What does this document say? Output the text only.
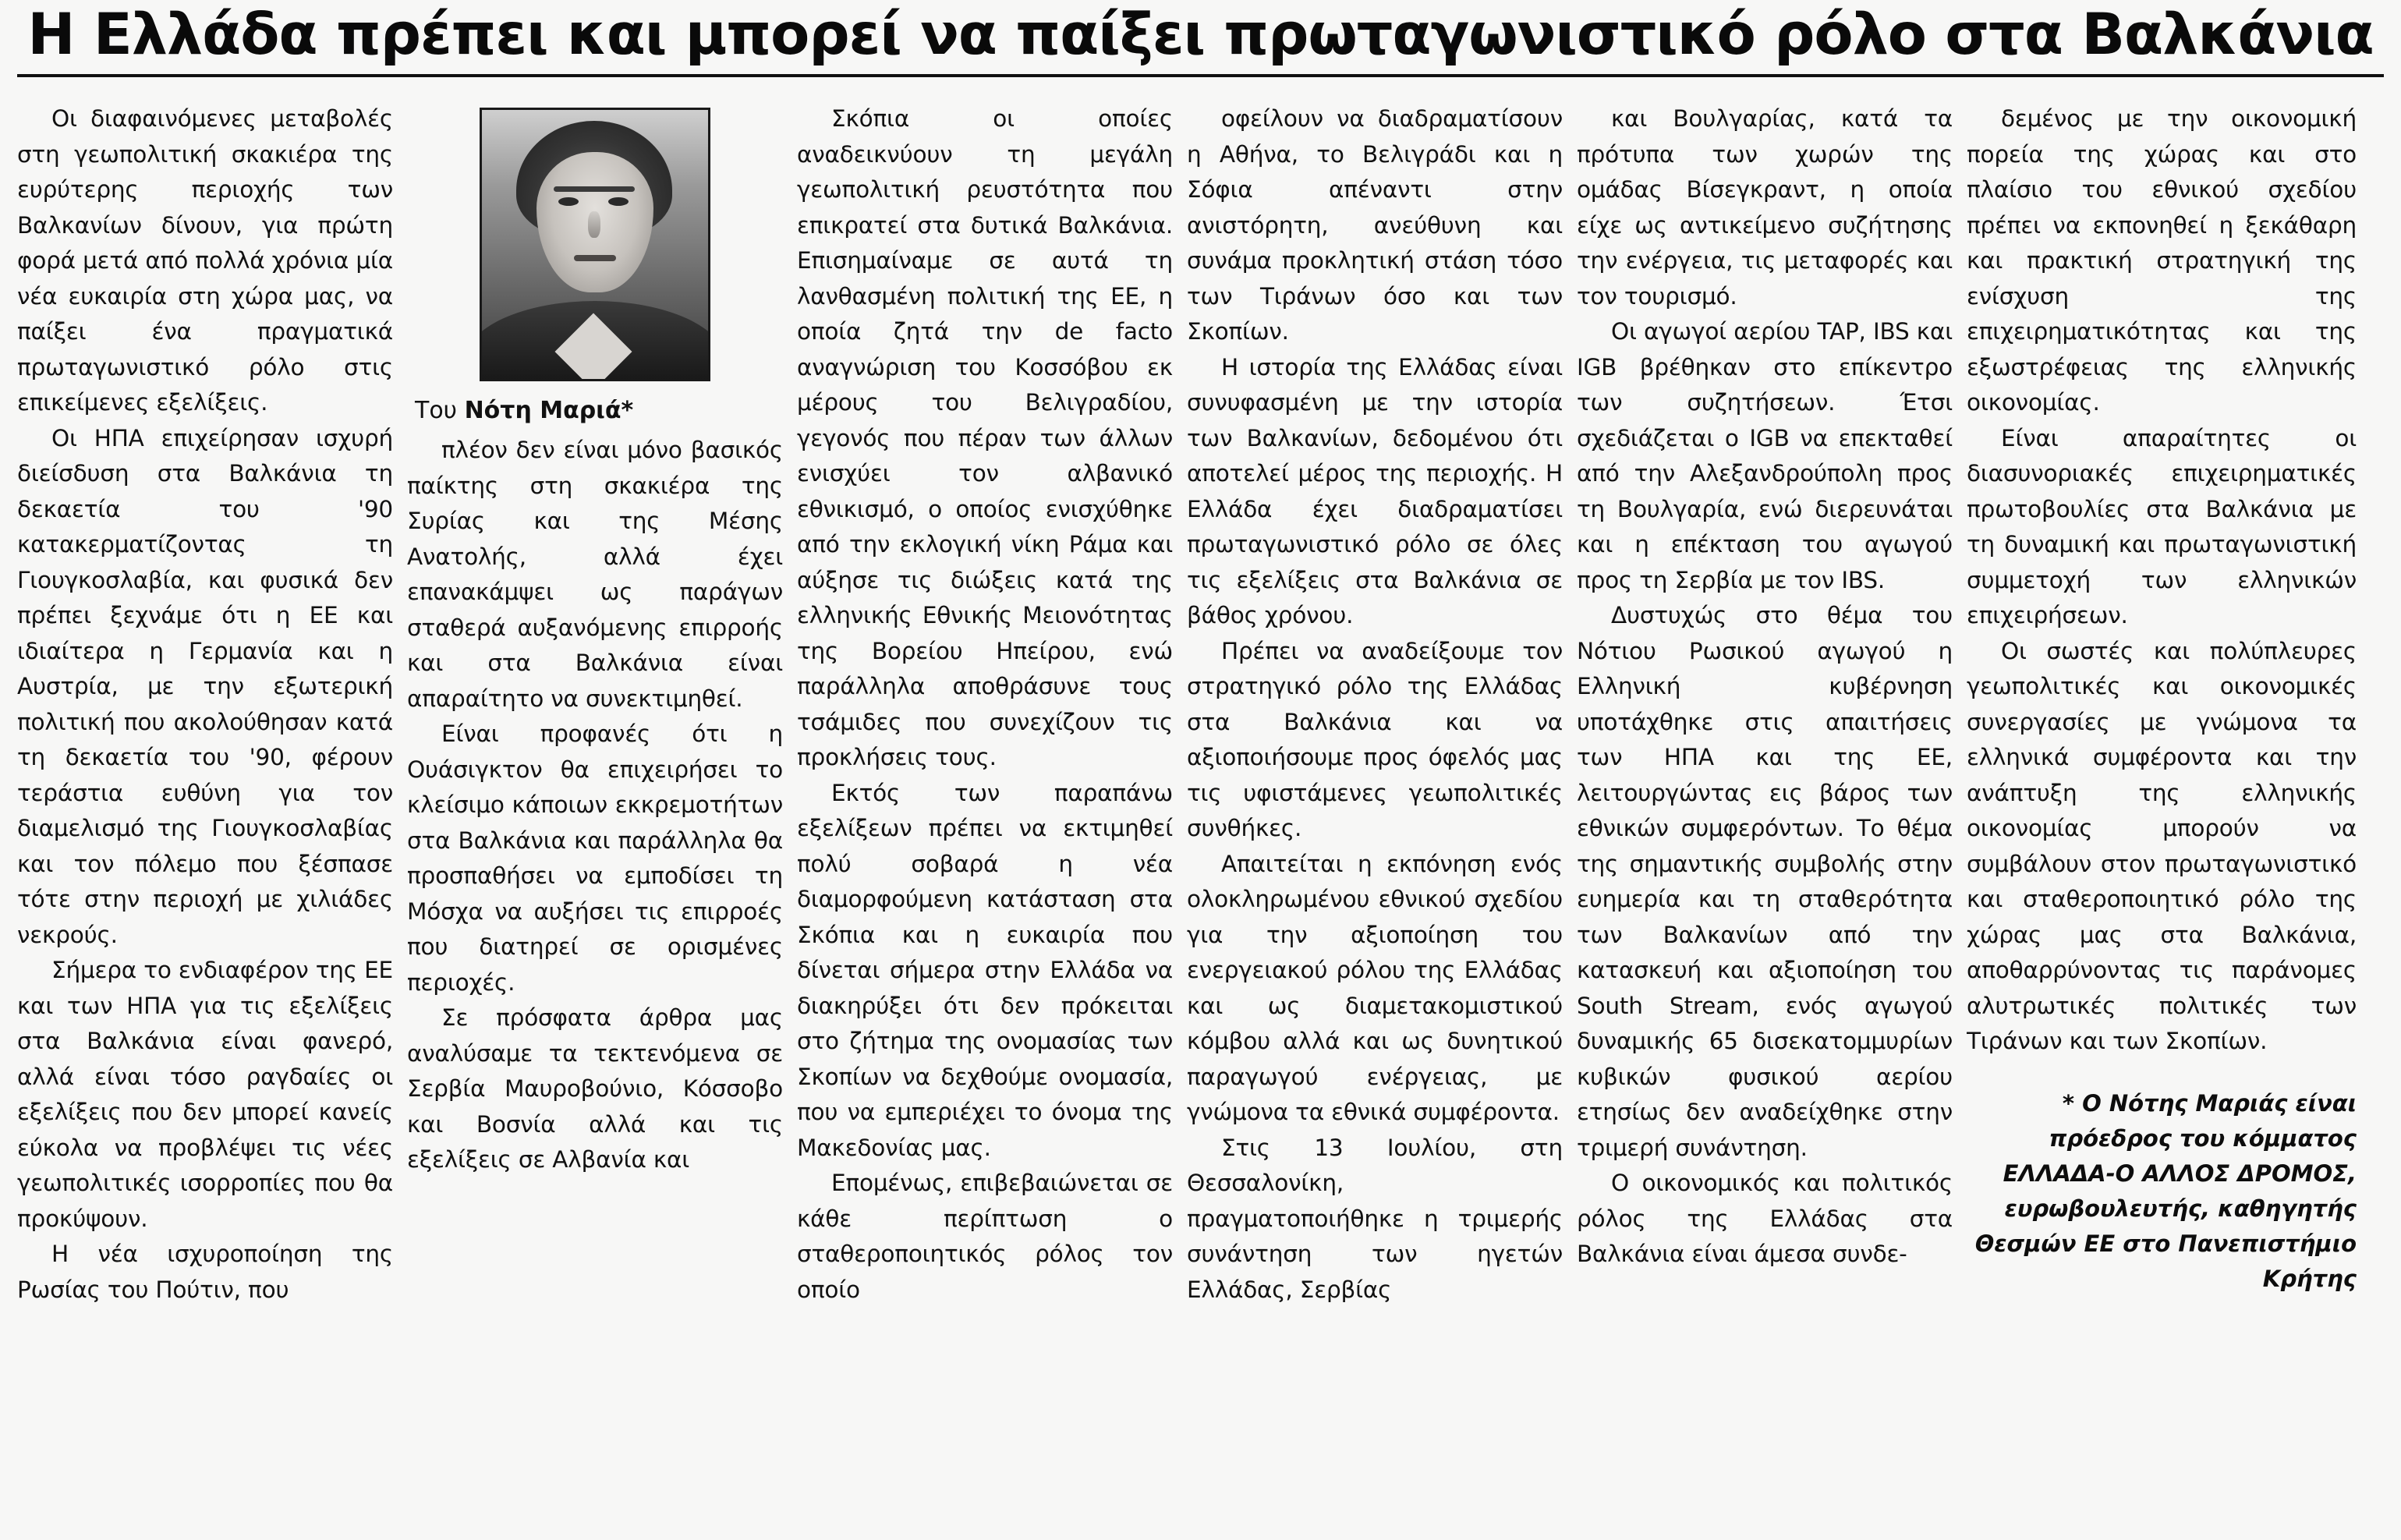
Η Ελλάδα πρέπει και μπορεί να παίξει πρωταγωνιστικό ρόλο στα Βαλκάνια

Οι διαφαινόμενες μεταβολές στη γεωπολιτική σκακιέρα της ευρύτερης περιοχής των Βαλκανίων δίνουν, για πρώτη φορά μετά από πολλά χρόνια μία νέα ευκαιρία στη χώρα μας, να παίξει ένα πραγματικά πρωταγωνιστικό ρόλο στις επικείμενες εξελίξεις.

Οι ΗΠΑ επιχείρησαν ισχυρή διείσδυση στα Βαλκάνια τη δεκαετία του '90 κατακερματίζοντας τη Γιουγκοσλαβία, και φυσικά δεν πρέπει ξεχνάμε ότι η ΕΕ και ιδιαίτερα η Γερμανία και η Αυστρία, με την εξωτερική πολιτική που ακολούθησαν κατά τη δεκαετία του '90, φέρουν τεράστια ευθύνη για τον διαμελισμό της Γιουγκοσλαβίας και τον πόλεμο που ξέσπασε τότε στην περιοχή με χιλιάδες νεκρούς.

Σήμερα το ενδιαφέρον της ΕΕ και των ΗΠΑ για τις εξελίξεις στα Βαλκάνια είναι φανερό, αλλά είναι τόσο ραγδαίες οι εξελίξεις που δεν μπορεί κανείς εύκολα να προβλέψει τις νέες γεωπολιτικές ισορροπίες που θα προκύψουν.

Η νέα ισχυροποίηση της Ρωσίας του Πούτιν, που

Του Νότη Μαριά*

πλέον δεν είναι μόνο βασικός παίκτης στη σκακιέρα της Συρίας και της Μέσης Ανατολής, αλλά έχει επανακάμψει ως παράγων σταθερά αυξανόμενης επιρροής και στα Βαλκάνια είναι απαραίτητο να συνεκτιμηθεί.

Είναι προφανές ότι η Ουάσιγκτον θα επιχειρήσει το κλείσιμο κάποιων εκκρεμοτήτων στα Βαλκάνια και παράλληλα θα προσπαθήσει να εμποδίσει τη Μόσχα να αυξήσει τις επιρροές που διατηρεί σε ορισμένες περιοχές.

Σε πρόσφατα άρθρα μας αναλύσαμε τα τεκτενόμενα σε Σερβία Μαυροβούνιο, Κόσσοβο και Βοσνία αλλά και τις εξελίξεις σε Αλβανία και

Σκόπια οι οποίες αναδεικνύουν τη μεγάλη γεωπολιτική ρευστότητα που επικρατεί στα δυτικά Βαλκάνια. Επισημαίναμε σε αυτά τη λανθασμένη πολιτική της ΕΕ, η οποία ζητά την de facto αναγνώριση του Κοσσόβου εκ μέρους του Βελιγραδίου, γεγονός που πέραν των άλλων ενισχύει τον αλβανικό εθνικισμό, ο οποίος ενισχύθηκε από την εκλογική νίκη Ράμα και αύξησε τις διώξεις κατά της ελληνικής Εθνικής Μειονότητας της Βορείου Ηπείρου, ενώ παράλληλα αποθράσυνε τους τσάμιδες που συνεχίζουν τις προκλήσεις τους.

Εκτός των παραπάνω εξελίξεων πρέπει να εκτιμηθεί πολύ σοβαρά η νέα διαμορφούμενη κατάσταση στα Σκόπια και η ευκαιρία που δίνεται σήμερα στην Ελλάδα να διακηρύξει ότι δεν πρόκειται στο ζήτημα της ονομασίας των Σκοπίων να δεχθούμε ονομασία, που να εμπεριέχει το όνομα της Μακεδονίας μας.

Επομένως, επιβεβαιώνεται σε κάθε περίπτωση ο σταθεροποιητικός ρόλος τον οποίο

οφείλουν να διαδραματίσουν η Αθήνα, το Βελιγράδι και η Σόφια απέναντι στην ανιστόρητη, ανεύθυνη και συνάμα προκλητική στάση τόσο των Τιράνων όσο και των Σκοπίων.

Η ιστορία της Ελλάδας είναι συνυφασμένη με την ιστορία των Βαλκανίων, δεδομένου ότι αποτελεί μέρος της περιοχής. Η Ελλάδα έχει διαδραματίσει πρωταγωνιστικό ρόλο σε όλες τις εξελίξεις στα Βαλκάνια σε βάθος χρόνου.

Πρέπει να αναδείξουμε τον στρατηγικό ρόλο της Ελλάδας στα Βαλκάνια και να αξιοποιήσουμε προς όφελός μας τις υφιστάμενες γεωπολιτικές συνθήκες.

Απαιτείται η εκπόνηση ενός ολοκληρωμένου εθνικού σχεδίου για την αξιοποίηση του ενεργειακού ρόλου της Ελλάδας και ως διαμετακομιστικού κόμβου αλλά και ως δυνητικού παραγωγού ενέργειας, με γνώμονα τα εθνικά συμφέροντα.

Στις 13 Ιουλίου, στη Θεσσαλονίκη, πραγματοποιήθηκε η τριμερής συνάντηση των ηγετών Ελλάδας, Σερβίας

και Βουλγαρίας, κατά τα πρότυπα των χωρών της ομάδας Βίσεγκραντ, η οποία είχε ως αντικείμενο συζήτησης την ενέργεια, τις μεταφορές και τον τουρισμό.

Οι αγωγοί αερίου TAP, IBS και IGB βρέθηκαν στο επίκεντρο των συζητήσεων. Έτσι σχεδιάζεται ο IGB να επεκταθεί από την Αλεξανδρούπολη προς τη Βουλγαρία, ενώ διερευνάται και η επέκταση του αγωγού προς τη Σερβία με τον IBS.

Δυστυχώς στο θέμα του Νότιου Ρωσικού αγωγού η Ελληνική κυβέρνηση υποτάχθηκε στις απαιτήσεις των ΗΠΑ και της ΕΕ, λειτουργώντας εις βάρος των εθνικών συμφερόντων. Το θέμα της σημαντικής συμβολής στην ευημερία και τη σταθερότητα των Βαλκανίων από την κατασκευή και αξιοποίηση του South Stream, ενός αγωγού δυναμικής 65 δισεκατομμυρίων κυβικών φυσικού αερίου ετησίως δεν αναδείχθηκε στην τριμερή συνάντηση.

Ο οικονομικός και πολιτικός ρόλος της Ελλάδας στα Βαλκάνια είναι άμεσα συνδε-

δεμένος με την οικονομική πορεία της χώρας και στο πλαίσιο του εθνικού σχεδίου πρέπει να εκπονηθεί η ξεκάθαρη και πρακτική στρατηγική της ενίσχυση της επιχειρηματικότητας και της εξωστρέφειας της ελληνικής οικονομίας.

Είναι απαραίτητες οι διασυνοριακές επιχειρηματικές πρωτοβουλίες στα Βαλκάνια με τη δυναμική και πρωταγωνιστική συμμετοχή των ελληνικών επιχειρήσεων.

Οι σωστές και πολύπλευρες γεωπολιτικές και οικονομικές συνεργασίες με γνώμονα τα ελληνικά συμφέροντα και την ανάπτυξη της ελληνικής οικονομίας μπορούν να συμβάλουν στον πρωταγωνιστικό και σταθεροποιητικό ρόλο της χώρας μας στα Βαλκάνια, αποθαρρύνοντας τις παράνομες αλυτρωτικές πολιτικές των Τιράνων και των Σκοπίων.

* Ο Νότης Μαριάς είναι πρόεδρος του κόμματος ΕΛΛΑΔΑ-Ο ΑΛΛΟΣ ΔΡΟΜΟΣ, ευρωβουλευτής, καθηγητής Θεσμών ΕΕ στο Πανεπιστήμιο Κρήτης
